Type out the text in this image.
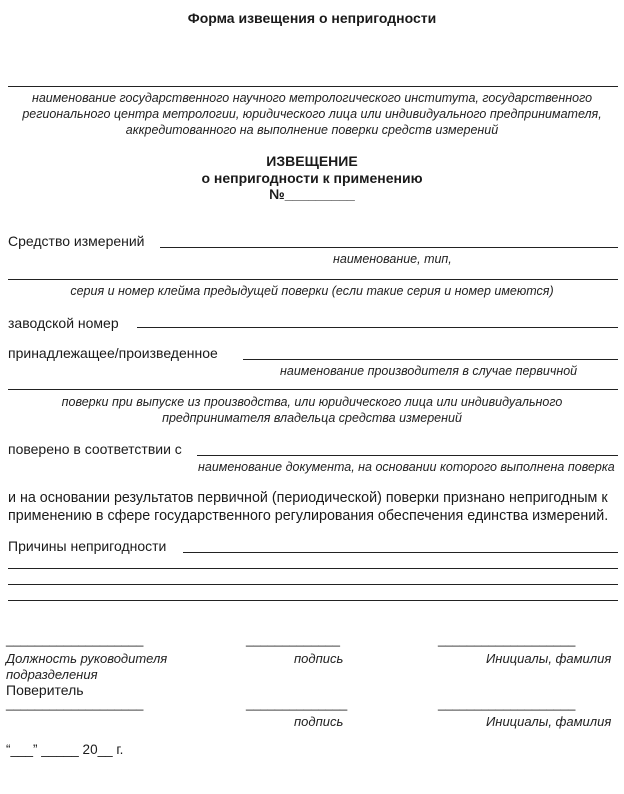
Форма извещения о непригодности
наименование государственного научного метрологического института, государственного
регионального центра метрологии, юридического лица или индивидуального предпринимателя,
аккредитованного на выполнение поверки средств измерений
ИЗВЕЩЕНИЕ
о непригодности к применению
№_________
Средство измерений
наименование, тип,
серия и номер клейма предыдущей поверки (если такие серия и номер имеются)
заводской номер
принадлежащее/произведенное
наименование производителя в случае первичной
поверки при выпуске из производства, или юридического лица или индивидуального
предпринимателя владельца средства измерений
поверено в соответствии с
наименование документа, на основании которого выполнена поверка
и на основании результатов первичной (периодической) поверки признано непригодным к
применению в сфере государственного регулирования обеспечения единства измерений.
Причины непригодности
___________________	_____________	___________________
Должность руководителя
подразделения
подпись	Инициалы, фамилия
Поверитель
___________________	______________	___________________
подпись	Инициалы, фамилия
“___” _____ 20__ г.
